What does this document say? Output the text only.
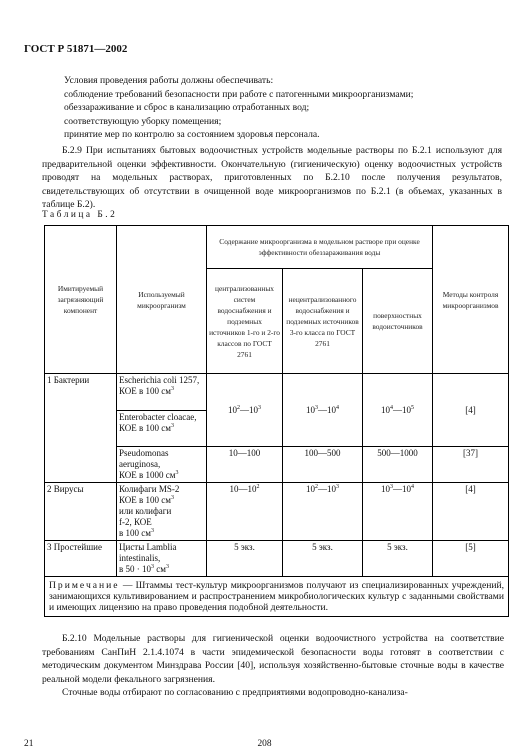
ГОСТ Р 51871—2002
Условия проведения работы должны обеспечивать:
соблюдение требований безопасности при работе с патогенными микроорганизмами;
обеззараживание и сброс в канализацию отработанных вод;
соответствующую уборку помещения;
принятие мер по контролю за состоянием здоровья персонала.
Б.2.9 При испытаниях бытовых водоочистных устройств модельные растворы по Б.2.1 используют для предварительной оценки эффективности. Окончательную (гигиеническую) оценку водоочистных устройств проводят на модельных растворах, приготовленных по Б.2.10 после получения результатов, свидетельствующих об отсутствии в очищенной воде микроорганизмов по Б.2.1 (в объемах, указанных в таблице Б.2).
Таблица Б.2
Имитируемый загрязняющий компонент	Используемый микроорганизм	Содержание микроорганизма в модельном растворе при оценке эффективности обеззараживания воды			Методы контроля микроорганизмов
		централизованных систем водоснабжения и подземных источников 1-го и 2-го классов по ГОСТ 2761	нецентрализованного водоснабжения и подземных источников 3-го класса по ГОСТ 2761	поверхностных водоисточников	
1 Бактерии	Escherichia coli 1257,
КОЕ в 100 $см^3$	$10^2—10^3$	$10^3—10^4$	$10^4—10^5$	[4]
	Enterobacter cloacae,
КОЕ в 100 $см^3$
	Pseudomonas aeruginosa,
КОЕ в 1000 $см^3$	10—100	100—500	500—1000	[37]
2 Вирусы	Колифаги MS-2
КОЕ в 100 $см^3$
или колифаги
f-2, КОЕ
в 100 $см^3$	$10—10^2$	$10^2—10^3$	$10^3—10^4$	[4]
3 Простейшие	Цисты Lamblia intestinalis,
в $50 \cdot 10^3$ $см^3$	5 экз.	5 экз.	5 экз.	[5]
Примечание — Штаммы тест-культур микроорганизмов получают из специализированных учреждений, занимающихся культивированием и распространением микробиологических культур с заданными свойствами и имеющих лицензию на право проведения подобной деятельности.					
Б.2.10 Модельные растворы для гигиенической оценки водоочистного устройства на соответствие требованиям СанПиН 2.1.4.1074 в части эпидемической безопасности воды готовят в соответствии с методическим документом Минздрава России [40], используя хозяйственно-бытовые сточные воды в качестве реальной модели фекального загрязнения.
Сточные воды отбирают по согласованию с предприятиями водопроводно-канализа-
21	208
